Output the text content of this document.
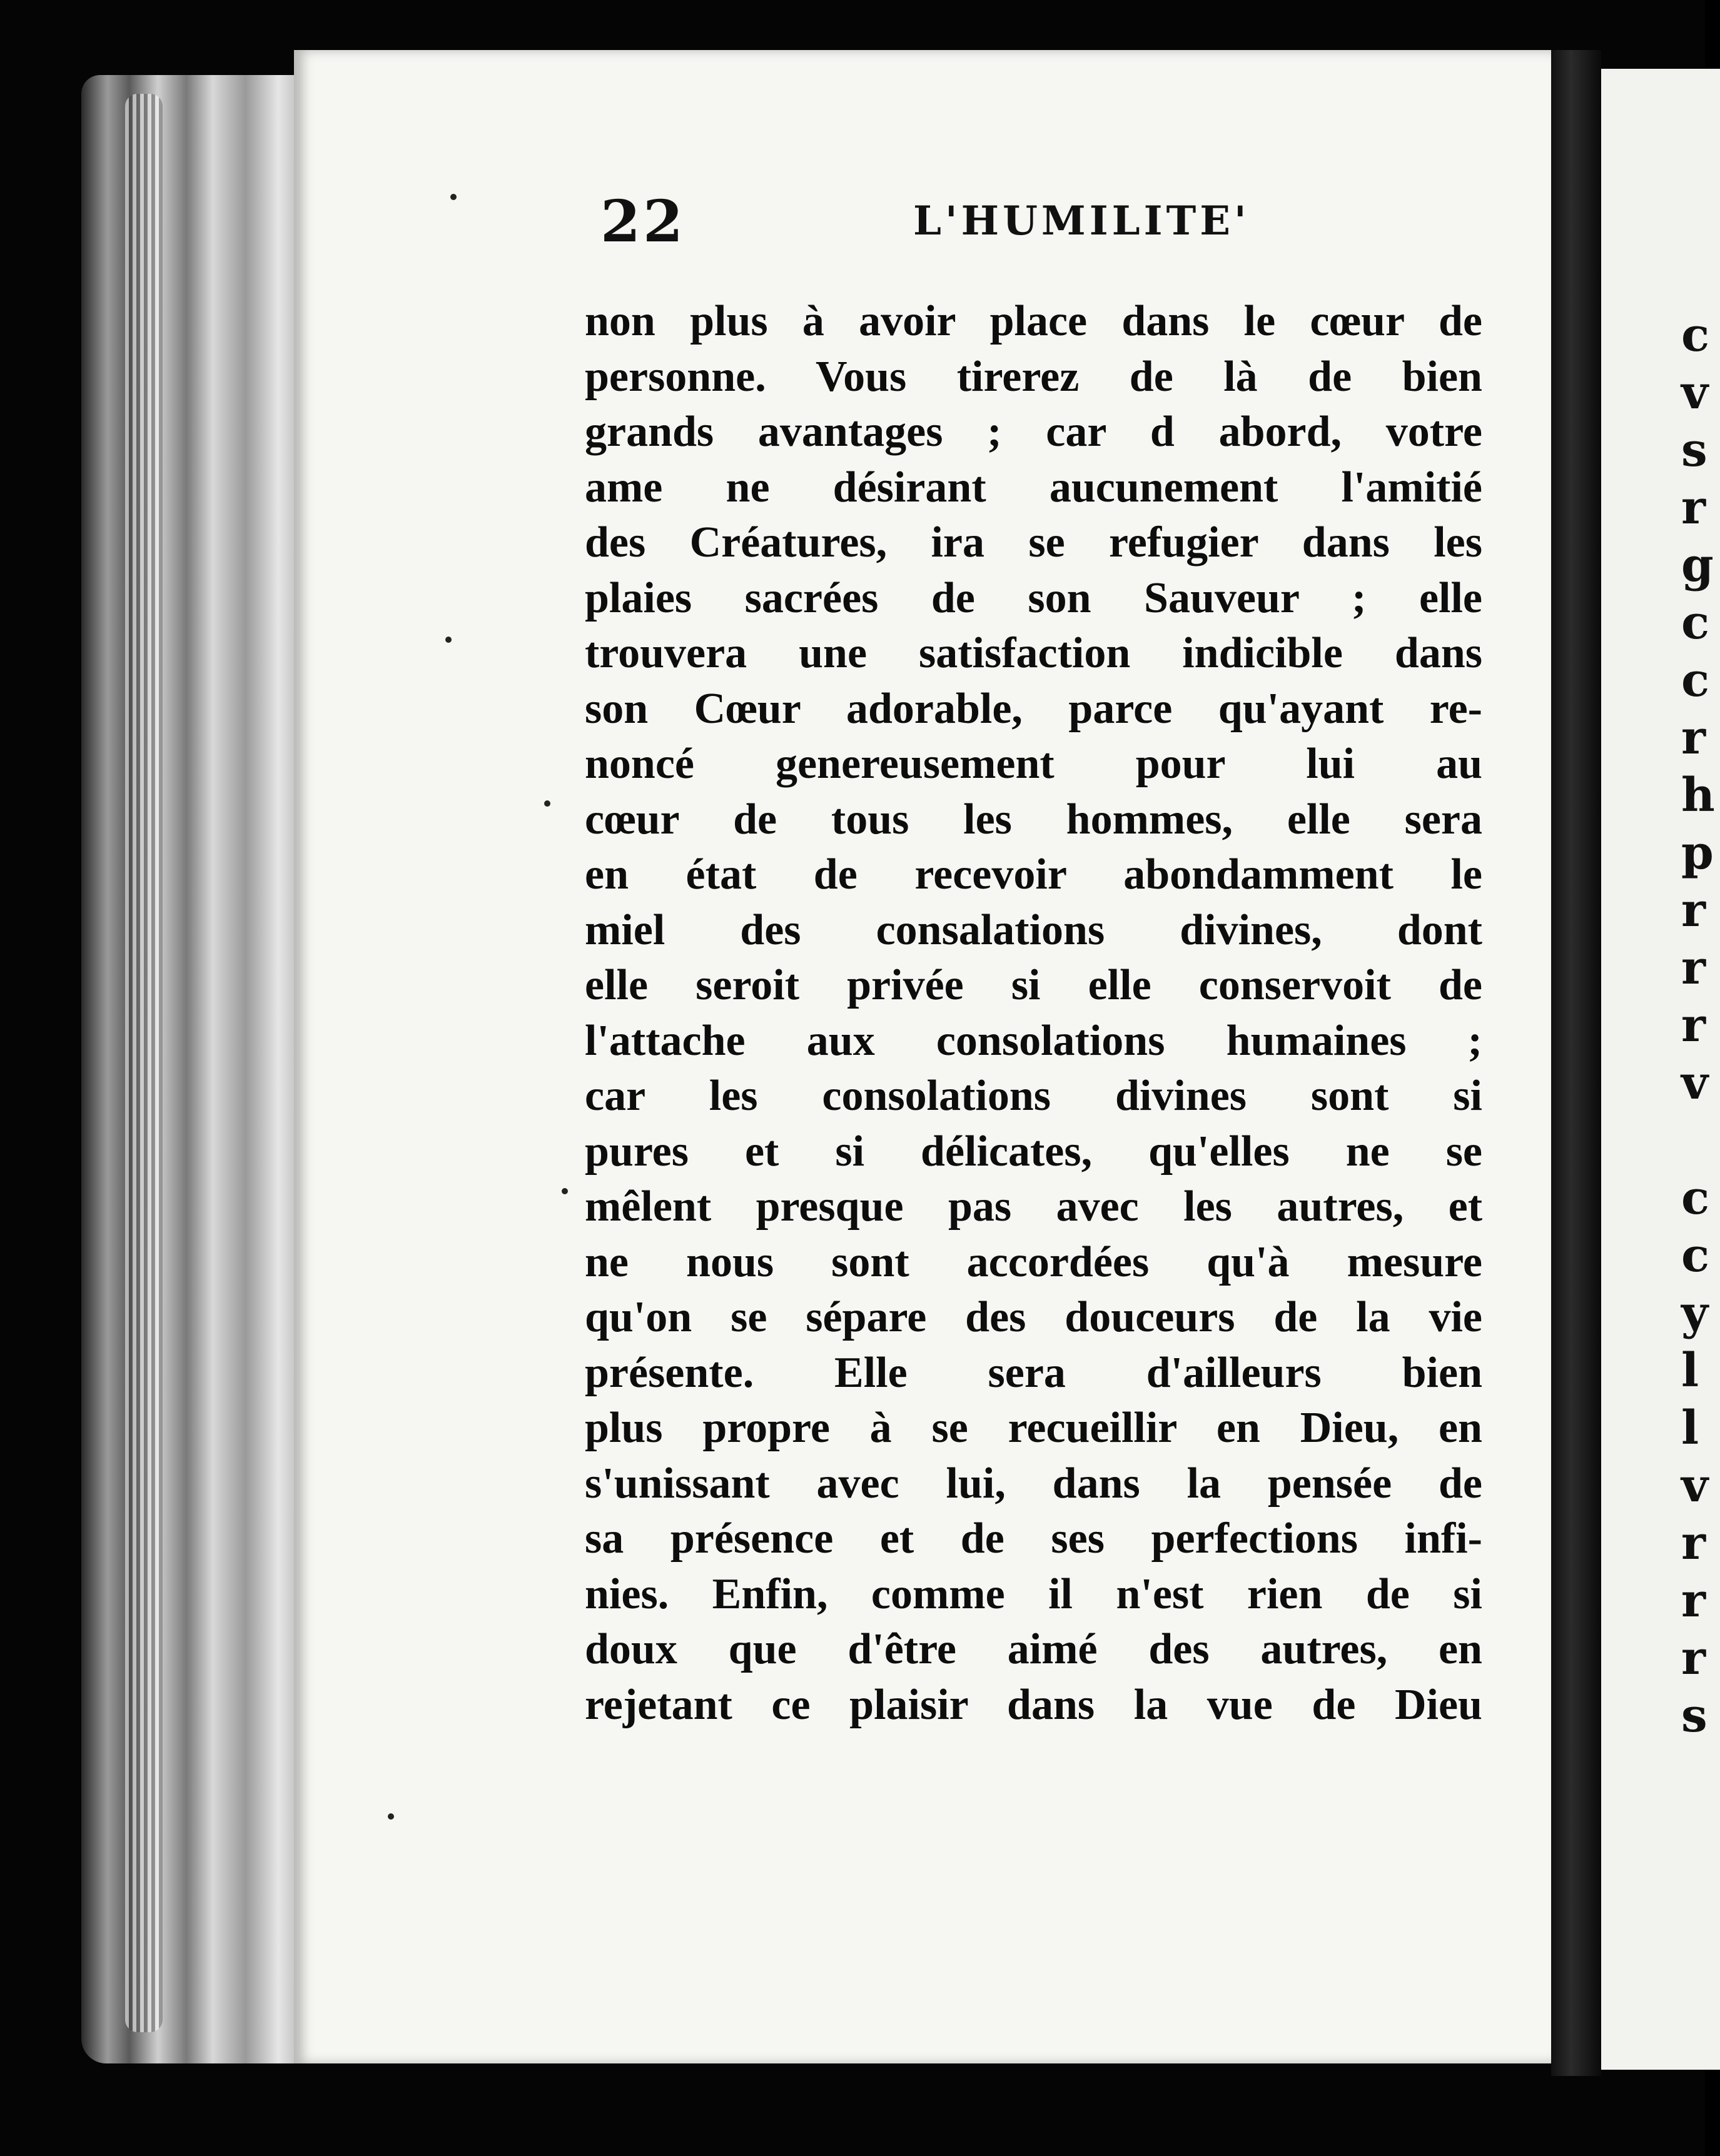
c
v
s
r
g
c
c
r
h
p
r
r
r
v
c
c
y
l
l
v
r
r
r
s
22	L'HUMILITE'
non plus à avoir place dans le cœur de
personne. Vous tirerez de là de bien
grands avantages ; car d abord, votre
ame ne désirant aucunement l'amitié
des Créatures, ira se refugier dans les
plaies sacrées de son Sauveur ; elle
trouvera une satisfaction indicible dans
son Cœur adorable, parce qu'ayant re-
noncé genereusement pour lui au
cœur de tous les hommes, elle sera
en état de recevoir abondamment le
miel des consalations divines, dont
elle seroit privée si elle conservoit de
l'attache aux consolations humaines ;
car les consolations divines sont si
pures et si délicates, qu'elles ne se
mêlent presque pas avec les autres, et
ne nous sont accordées qu'à mesure
qu'on se sépare des douceurs de la vie
présente. Elle sera d'ailleurs bien
plus propre à se recueillir en Dieu, en
s'unissant avec lui, dans la pensée de
sa présence et de ses perfections infi-
nies. Enfin, comme il n'est rien de si
doux que d'être aimé des autres, en
rejetant ce plaisir dans la vue de Dieu
